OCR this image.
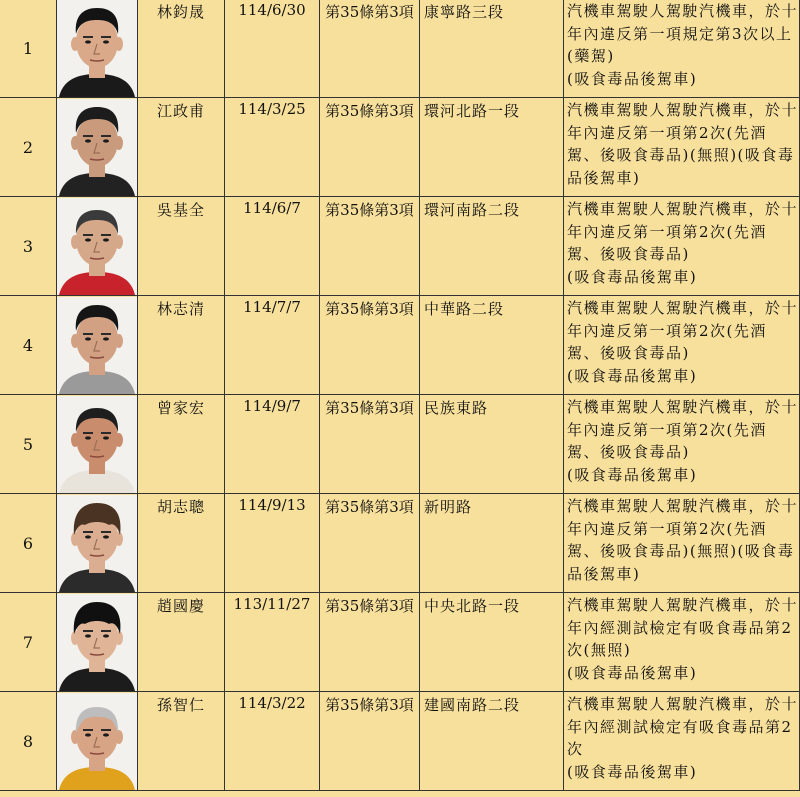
1		林鈞晟	114/6/30	第35條第3項	康寧路三段	汽機車駕駛人駕駛汽機車，於十年內違反第一項規定第3次以上(藥駕)
(吸食毒品後駕車)

2		江政甫	114/3/25	第35條第3項	環河北路一段	汽機車駕駛人駕駛汽機車，於十年內違反第一項第2次(先酒駕、後吸食毒品)(無照)(吸食毒品後駕車)

3		吳基全	114/6/7	第35條第3項	環河南路二段	汽機車駕駛人駕駛汽機車，於十年內違反第一項第2次(先酒駕、後吸食毒品)
(吸食毒品後駕車)

4		林志清	114/7/7	第35條第3項	中華路二段	汽機車駕駛人駕駛汽機車，於十年內違反第一項第2次(先酒駕、後吸食毒品)
(吸食毒品後駕車)

5		曾家宏	114/9/7	第35條第3項	民族東路	汽機車駕駛人駕駛汽機車，於十年內違反第一項第2次(先酒駕、後吸食毒品)
(吸食毒品後駕車)

6		胡志聰	114/9/13	第35條第3項	新明路	汽機車駕駛人駕駛汽機車，於十年內違反第一項第2次(先酒駕、後吸食毒品)(無照)(吸食毒品後駕車)

7		趙國慶	113/11/27	第35條第3項	中央北路一段	汽機車駕駛人駕駛汽機車，於十年內經測試檢定有吸食毒品第2次(無照)
(吸食毒品後駕車)

8		孫智仁	114/3/22	第35條第3項	建國南路二段	汽機車駕駛人駕駛汽機車，於十年內經測試檢定有吸食毒品第2次
(吸食毒品後駕車)
